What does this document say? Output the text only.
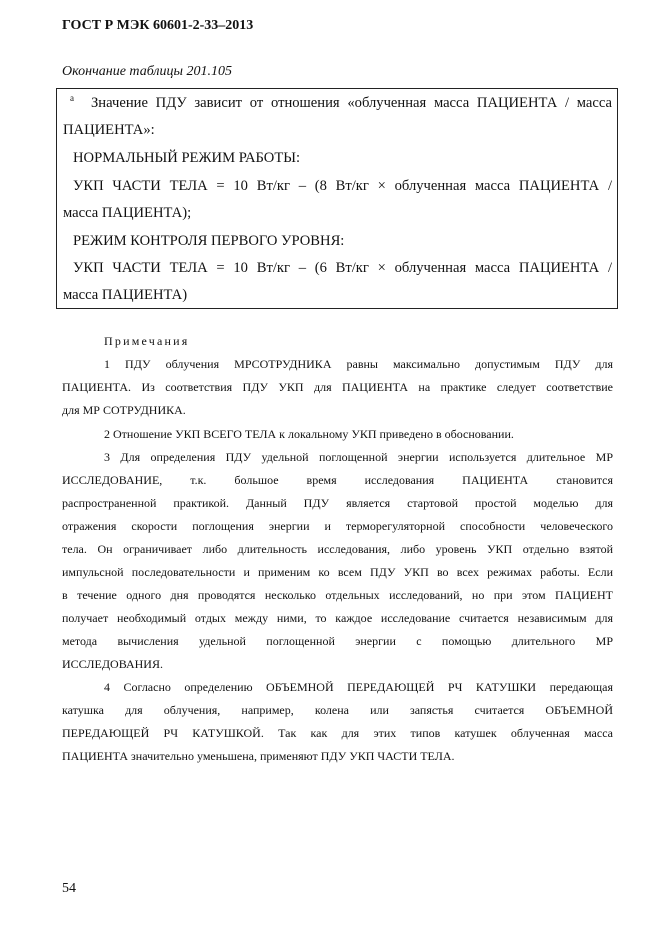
ГОСТ Р МЭК 60601-2-33–2013
Окончание таблицы 201.105
a Значение ПДУ зависит от отношения «облученная масса ПАЦИЕНТА / масса
ПАЦИЕНТА»:
НОРМАЛЬНЫЙ РЕЖИМ РАБОТЫ:
УКП ЧАСТИ ТЕЛА = 10 Вт/кг – (8 Вт/кг × облученная масса ПАЦИЕНТА /
масса ПАЦИЕНТА);
РЕЖИМ КОНТРОЛЯ ПЕРВОГО УРОВНЯ:
УКП ЧАСТИ ТЕЛА = 10 Вт/кг – (6 Вт/кг × облученная масса ПАЦИЕНТА /
масса ПАЦИЕНТА)
Примечания
1 ПДУ облучения МРСОТРУДНИКА равны максимально допустимым ПДУ для
ПАЦИЕНТА. Из соответствия ПДУ УКП для ПАЦИЕНТА на практике следует соответствие
для МР СОТРУДНИКА.
2 Отношение УКП ВСЕГО ТЕЛА к локальному УКП приведено в обосновании.
3 Для определения ПДУ удельной поглощенной энергии используется длительное МР
ИССЛЕДОВАНИЕ, т.к. большое время исследования ПАЦИЕНТА становится
распространенной практикой. Данный ПДУ является стартовой простой моделью для
отражения скорости поглощения энергии и терморегуляторной способности человеческого
тела. Он ограничивает либо длительность исследования, либо уровень УКП отдельно взятой
импульсной последовательности и применим ко всем ПДУ УКП во всех режимах работы. Если
в течение одного дня проводятся несколько отдельных исследований, но при этом ПАЦИЕНТ
получает необходимый отдых между ними, то каждое исследование считается независимым для
метода вычисления удельной поглощенной энергии с помощью длительного МР
ИССЛЕДОВАНИЯ.
4 Согласно определению ОБЪЕМНОЙ ПЕРЕДАЮЩЕЙ РЧ КАТУШКИ передающая
катушка для облучения, например, колена или запястья считается ОБЪЕМНОЙ
ПЕРЕДАЮЩЕЙ РЧ КАТУШКОЙ. Так как для этих типов катушек облученная масса
ПАЦИЕНТА значительно уменьшена, применяют ПДУ УКП ЧАСТИ ТЕЛА.
54
